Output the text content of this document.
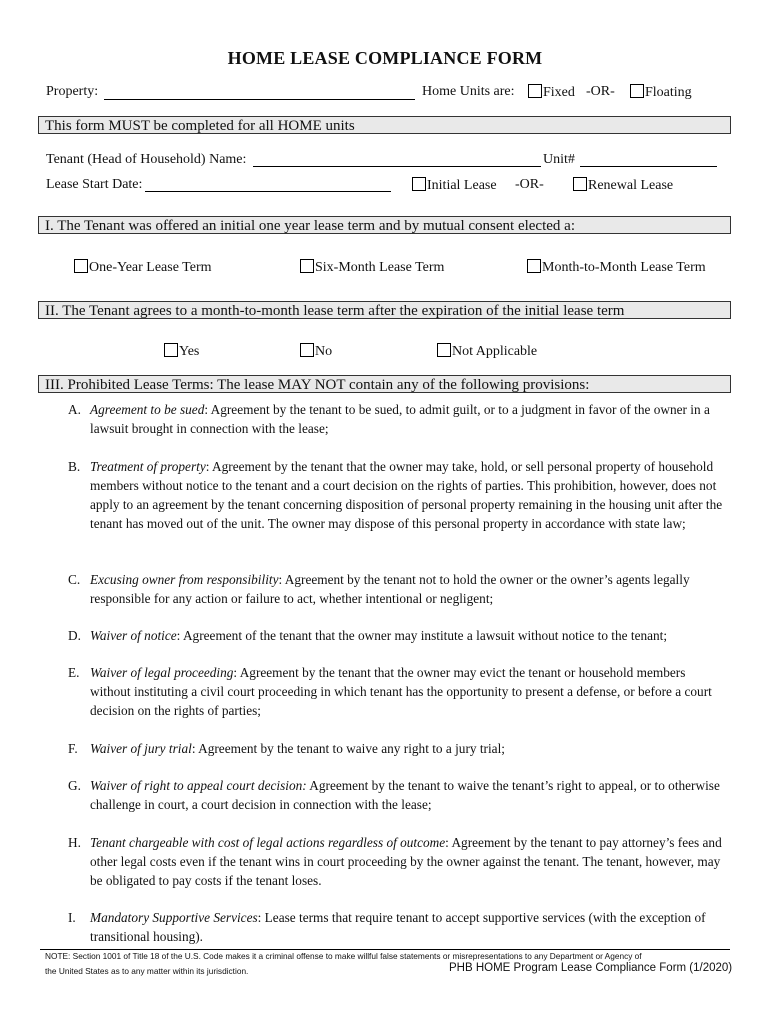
HOME LEASE COMPLIANCE FORM
Property:	Home Units are:	Fixed -OR-	Floating
This form MUST be completed for all HOME units
Tenant (Head of Household) Name:	Unit#
Lease Start Date:	Initial Lease -OR-	Renewal Lease
I. The Tenant was offered an initial one year lease term and by mutual consent elected a:
One-Year Lease Term	Six-Month Lease Term	Month-to-Month Lease Term
II. The Tenant agrees to a month-to-month lease term after the expiration of the initial lease term
Yes	No	Not Applicable
III. Prohibited Lease Terms: The lease MAY NOT contain any of the following provisions:
A. Agreement to be sued: Agreement by the tenant to be sued, to admit guilt, or to a judgment in favor of the owner in a lawsuit brought in connection with the lease;
B. Treatment of property: Agreement by the tenant that the owner may take, hold, or sell personal property of household members without notice to the tenant and a court decision on the rights of parties. This prohibition, however, does not apply to an agreement by the tenant concerning disposition of personal property remaining in the housing unit after the tenant has moved out of the unit. The owner may dispose of this personal property in accordance with state law;
C. Excusing owner from responsibility: Agreement by the tenant not to hold the owner or the owner’s agents legally responsible for any action or failure to act, whether intentional or negligent;
D. Waiver of notice: Agreement of the tenant that the owner may institute a lawsuit without notice to the tenant;
E. Waiver of legal proceeding: Agreement by the tenant that the owner may evict the tenant or household members without instituting a civil court proceeding in which tenant has the opportunity to present a defense, or before a court decision on the rights of parties;
F. Waiver of jury trial: Agreement by the tenant to waive any right to a jury trial;
G. Waiver of right to appeal court decision: Agreement by the tenant to waive the tenant’s right to appeal, or to otherwise challenge in court, a court decision in connection with the lease;
H. Tenant chargeable with cost of legal actions regardless of outcome: Agreement by the tenant to pay attorney’s fees and other legal costs even if the tenant wins in court proceeding by the owner against the tenant. The tenant, however, may be obligated to pay costs if the tenant loses.
I. Mandatory Supportive Services: Lease terms that require tenant to accept supportive services (with the exception of transitional housing).
NOTE: Section 1001 of Title 18 of the U.S. Code makes it a criminal offense to make willful false statements or misrepresentations to any Department or Agency of
the United States as to any matter within its jurisdiction.	PHB HOME Program Lease Compliance Form (1/2020)
